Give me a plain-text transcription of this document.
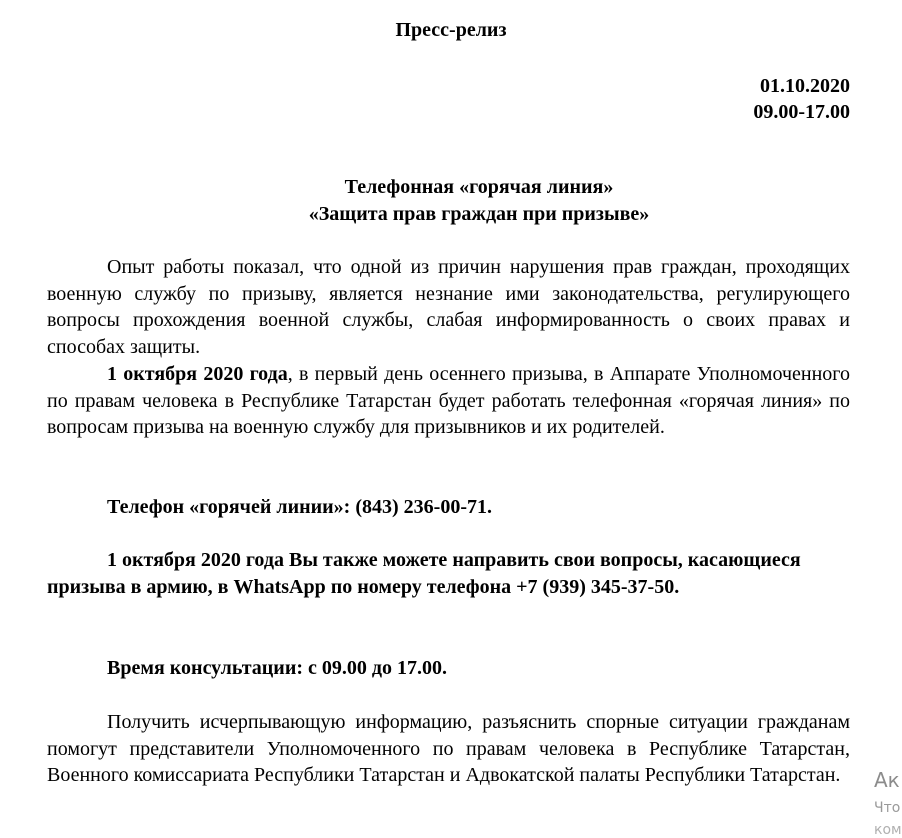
Пресс-релиз
01.10.2020
09.00-17.00
Телефонная «горячая линия»
«Защита прав граждан при призыве»

Опыт работы показал, что одной из причин нарушения прав граждан, проходящих военную службу по призыву, является незнание ими законодательства, регулирующего вопросы прохождения военной службы, слабая информированность о своих правах и способах защиты.

1 октября 2020 года, в первый день осеннего призыва, в Аппарате Уполномоченного по правам человека в Республике Татарстан будет работать телефонная «горячая линия» по вопросам призыва на военную службу для призывников и их родителей.

Телефон «горячей линии»: (843) 236-00-71.

1 октября 2020 года Вы также можете направить свои вопросы, касающиеся призыва в армию, в WhatsApp по номеру телефона +7 (939) 345-37-50.

Время консультации: с 09.00 до 17.00.

Получить исчерпывающую информацию, разъяснить спорные ситуации гражданам помогут представители Уполномоченного по правам человека в Республике Татарстан, Военного комиссариата Республики Татарстан и Адвокатской палаты Республики Татарстан.	Ак
Что
ком
